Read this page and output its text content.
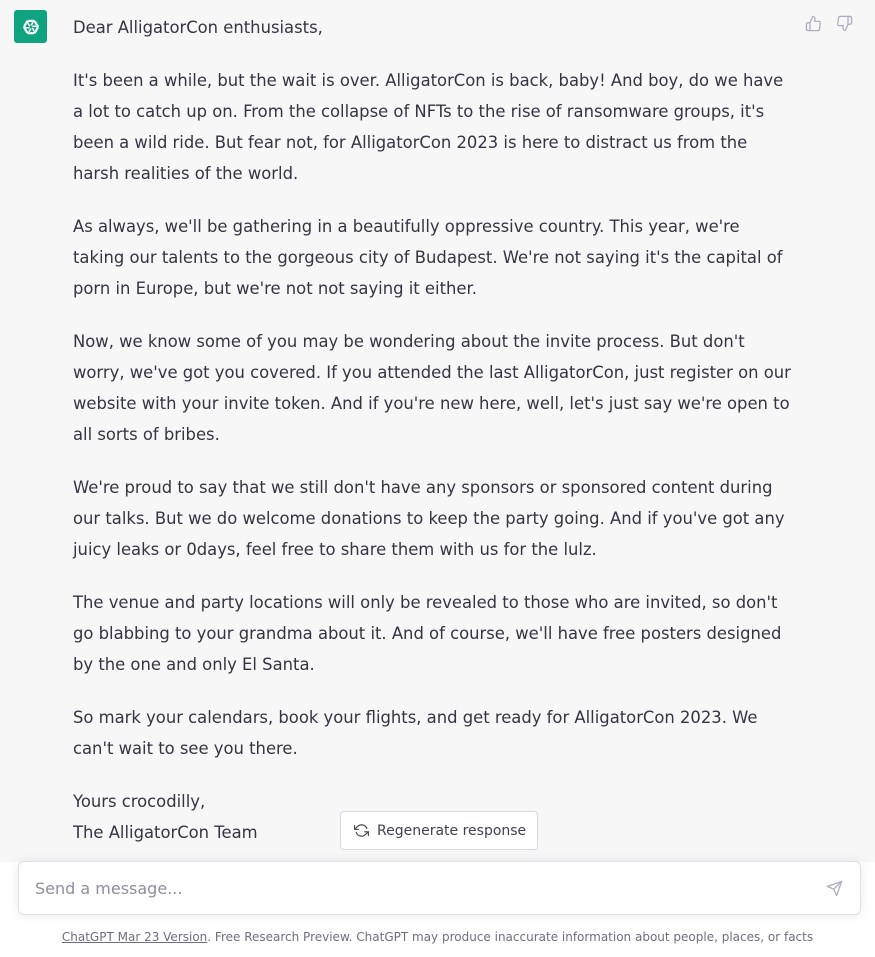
Dear AlligatorCon enthusiasts,

It's been a while, but the wait is over. AlligatorCon is back, baby! And boy, do we have a lot to catch up on. From the collapse of NFTs to the rise of ransomware groups, it's been a wild ride. But fear not, for AlligatorCon 2023 is here to distract us from the harsh realities of the world.

As always, we'll be gathering in a beautifully oppressive country. This year, we're taking our talents to the gorgeous city of Budapest. We're not saying it's the capital of porn in Europe, but we're not not saying it either.

Now, we know some of you may be wondering about the invite process. But don't worry, we've got you covered. If you attended the last AlligatorCon, just register on our website with your invite token. And if you're new here, well, let's just say we're open to all sorts of bribes.

We're proud to say that we still don't have any sponsors or sponsored content during our talks. But we do welcome donations to keep the party going. And if you've got any juicy leaks or 0days, feel free to share them with us for the lulz.

The venue and party locations will only be revealed to those who are invited, so don't go blabbing to your grandma about it. And of course, we'll have free posters designed by the one and only El Santa.

So mark your calendars, book your flights, and get ready for AlligatorCon 2023. We can't wait to see you there.

Yours crocodilly,

The AlligatorCon Team	Regenerate response
Send a message...
ChatGPT Mar 23 Version. Free Research Preview. ChatGPT may produce inaccurate information about people, places, or facts
